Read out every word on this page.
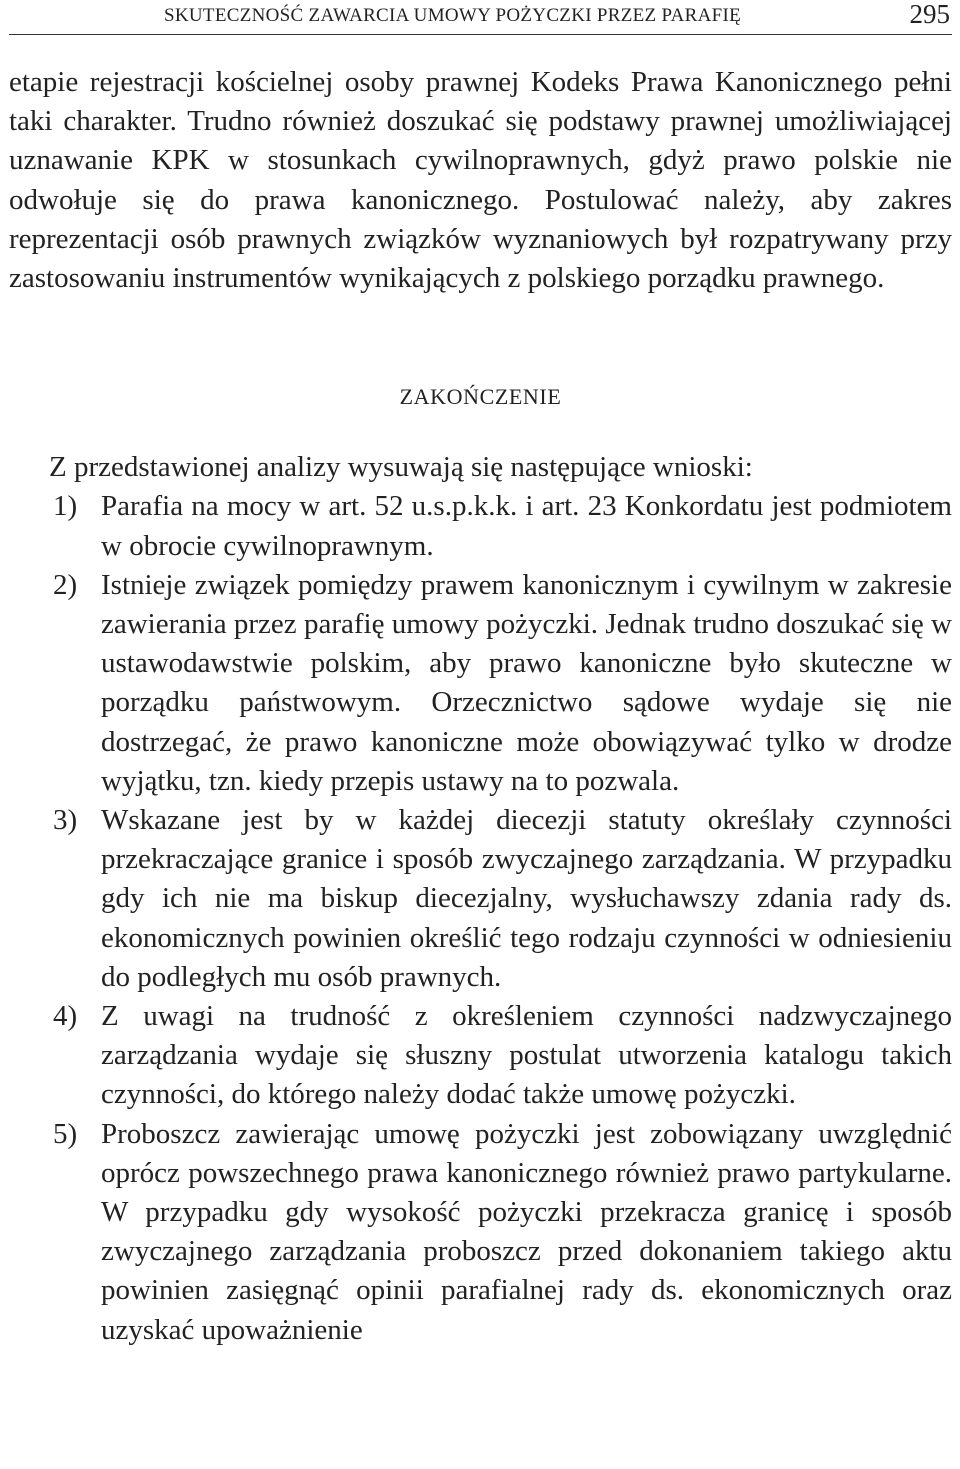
SKUTECZNOŚĆ ZAWARCIA UMOWY POŻYCZKI PRZEZ PARAFIĘ	295

etapie rejestracji kościelnej osoby prawnej Kodeks Prawa Kanonicznego pełni taki charakter. Trudno również doszukać się podstawy prawnej umożliwiającej uznawanie KPK w stosunkach cywilnoprawnych, gdyż prawo polskie nie odwołuje się do prawa kanonicznego. Postulować należy, aby zakres reprezentacji osób prawnych związków wyznaniowych był rozpatrywany przy zastosowaniu instrumentów wynikających z polskiego porządku prawnego.

ZAKOŃCZENIE

Z przedstawionej analizy wysuwają się następujące wnioski:

1) Parafia na mocy w art. 52 u.s.p.k.k. i art. 23 Konkordatu jest podmiotem w obrocie cywilnoprawnym.
2) Istnieje związek pomiędzy prawem kanonicznym i cywilnym w zakresie zawierania przez parafię umowy pożyczki. Jednak trudno doszukać się w ustawodawstwie polskim, aby prawo kanoniczne było skuteczne w porządku państwowym. Orzecznictwo sądowe wydaje się nie dostrzegać, że prawo kanoniczne może obowiązywać tylko w drodze wyjątku, tzn. kiedy przepis ustawy na to pozwala.
3) Wskazane jest by w każdej diecezji statuty określały czynności przekraczające granice i sposób zwyczajnego zarządzania. W przypadku gdy ich nie ma biskup diecezjalny, wysłuchawszy zdania rady ds. ekonomicznych powinien określić tego rodzaju czynności w odniesieniu do podległych mu osób prawnych.
4) Z uwagi na trudność z określeniem czynności nadzwyczajnego zarządzania wydaje się słuszny postulat utworzenia katalogu takich czynności, do którego należy dodać także umowę pożyczki.
5) Proboszcz zawierając umowę pożyczki jest zobowiązany uwzględnić oprócz powszechnego prawa kanonicznego również prawo partykularne. W przypadku gdy wysokość pożyczki przekracza granicę i sposób zwyczajnego zarządzania proboszcz przed dokonaniem takiego aktu powinien zasięgnąć opinii parafialnej rady ds. ekonomicznych oraz uzyskać upoważnienie
